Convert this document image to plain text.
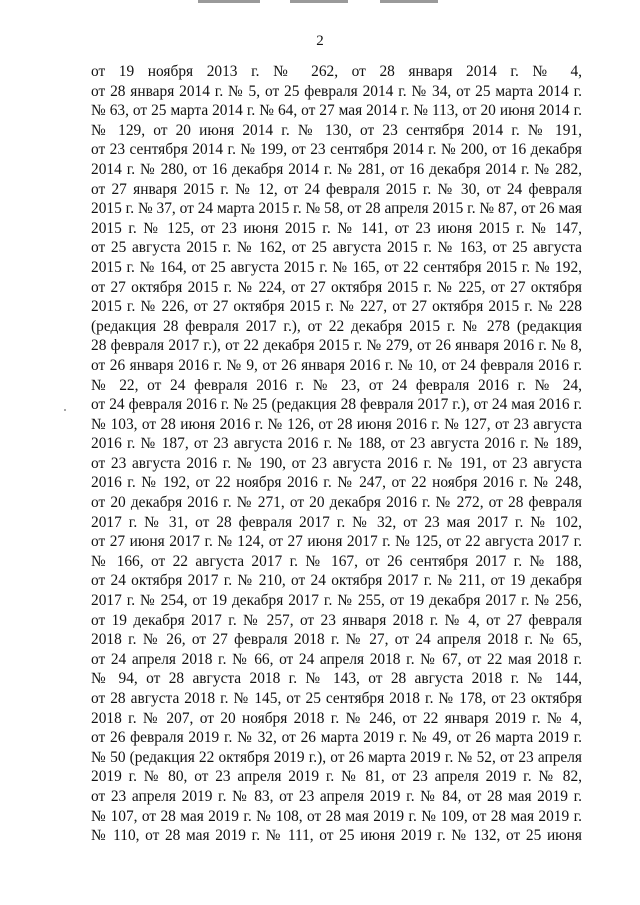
2
от 19 ноября 2013 г. № 262, от 28 января 2014 г. № 4,
от 28 января 2014 г. № 5, от 25 февраля 2014 г. № 34, от 25 марта 2014 г.
№ 63, от 25 марта 2014 г. № 64, от 27 мая 2014 г. № 113, от 20 июня 2014 г.
№ 129, от 20 июня 2014 г. № 130, от 23 сентября 2014 г. № 191,
от 23 сентября 2014 г. № 199, от 23 сентября 2014 г. № 200, от 16 декабря
2014 г. № 280, от 16 декабря 2014 г. № 281, от 16 декабря 2014 г. № 282,
от 27 января 2015 г. № 12, от 24 февраля 2015 г. № 30, от 24 февраля
2015 г. № 37, от 24 марта 2015 г. № 58, от 28 апреля 2015 г. № 87, от 26 мая
2015 г. № 125, от 23 июня 2015 г. № 141, от 23 июня 2015 г. № 147,
от 25 августа 2015 г. № 162, от 25 августа 2015 г. № 163, от 25 августа
2015 г. № 164, от 25 августа 2015 г. № 165, от 22 сентября 2015 г. № 192,
от 27 октября 2015 г. № 224, от 27 октября 2015 г. № 225, от 27 октября
2015 г. № 226, от 27 октября 2015 г. № 227, от 27 октября 2015 г. № 228
(редакция 28 февраля 2017 г.), от 22 декабря 2015 г. № 278 (редакция
28 февраля 2017 г.), от 22 декабря 2015 г. № 279, от 26 января 2016 г. № 8,
от 26 января 2016 г. № 9, от 26 января 2016 г. № 10, от 24 февраля 2016 г.
№ 22, от 24 февраля 2016 г. № 23, от 24 февраля 2016 г. № 24,
от 24 февраля 2016 г. № 25 (редакция 28 февраля 2017 г.), от 24 мая 2016 г.
№ 103, от 28 июня 2016 г. № 126, от 28 июня 2016 г. № 127, от 23 августа
2016 г. № 187, от 23 августа 2016 г. № 188, от 23 августа 2016 г. № 189,
от 23 августа 2016 г. № 190, от 23 августа 2016 г. № 191, от 23 августа
2016 г. № 192, от 22 ноября 2016 г. № 247, от 22 ноября 2016 г. № 248,
от 20 декабря 2016 г. № 271, от 20 декабря 2016 г. № 272, от 28 февраля
2017 г. № 31, от 28 февраля 2017 г. № 32, от 23 мая 2017 г. № 102,
от 27 июня 2017 г. № 124, от 27 июня 2017 г. № 125, от 22 августа 2017 г.
№ 166, от 22 августа 2017 г. № 167, от 26 сентября 2017 г. № 188,
от 24 октября 2017 г. № 210, от 24 октября 2017 г. № 211, от 19 декабря
2017 г. № 254, от 19 декабря 2017 г. № 255, от 19 декабря 2017 г. № 256,
от 19 декабря 2017 г. № 257, от 23 января 2018 г. № 4, от 27 февраля
2018 г. № 26, от 27 февраля 2018 г. № 27, от 24 апреля 2018 г. № 65,
от 24 апреля 2018 г. № 66, от 24 апреля 2018 г. № 67, от 22 мая 2018 г.
№ 94, от 28 августа 2018 г. № 143, от 28 августа 2018 г. № 144,
от 28 августа 2018 г. № 145, от 25 сентября 2018 г. № 178, от 23 октября
2018 г. № 207, от 20 ноября 2018 г. № 246, от 22 января 2019 г. № 4,
от 26 февраля 2019 г. № 32, от 26 марта 2019 г. № 49, от 26 марта 2019 г.
№ 50 (редакция 22 октября 2019 г.), от 26 марта 2019 г. № 52, от 23 апреля
2019 г. № 80, от 23 апреля 2019 г. № 81, от 23 апреля 2019 г. № 82,
от 23 апреля 2019 г. № 83, от 23 апреля 2019 г. № 84, от 28 мая 2019 г.
№ 107, от 28 мая 2019 г. № 108, от 28 мая 2019 г. № 109, от 28 мая 2019 г.
№ 110, от 28 мая 2019 г. № 111, от 25 июня 2019 г. № 132, от 25 июня
